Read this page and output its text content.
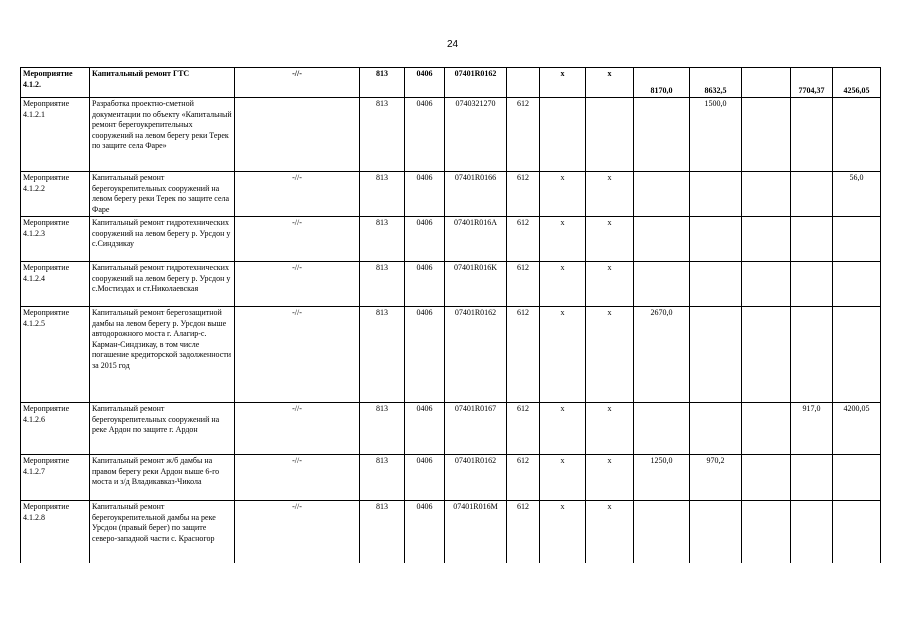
24
Мероприятие 4.1.2.	Капитальный ремонт ГТС	-//-	813	0406	07401R0162		x	x	8170,0	8632,5		7704,37	4256,05
Мероприятие 4.1.2.1	Разработка проектно-сметной документации по объекту «Капитальный ремонт берегоукрепительных сооружений на левом берегу реки Терек по защите села Фаре»		813	0406	0740321270	612				1500,0			
Мероприятие 4.1.2.2	Капитальный ремонт берегоукрепительных сооружений на левом берегу реки Терек по защите села Фаре	-//-	813	0406	07401R0166	612	x	x					56,0
Мероприятие 4.1.2.3	Капитальный ремонт гидротехнических сооружений на левом берегу р. Урсдон у с.Синдзикау	-//-	813	0406	07401R016A	612	x	x					
Мероприятие 4.1.2.4	Капитальный ремонт гидротехнических сооружений на левом берегу р. Урсдон у с.Мостиздах и ст.Николаевская	-//-	813	0406	07401R016K	612	x	x					
Мероприятие 4.1.2.5	Капитальный ремонт берегозащитной дамбы на левом берегу р. Урсдон выше автодорожного моста г. Алагир-с. Карман-Синдзикау, в том числе погашение кредиторской задолженности за 2015 год	-//-	813	0406	07401R0162	612	x	x	2670,0				
Мероприятие 4.1.2.6	Капитальный ремонт берегоукрепительных сооружений на реке Ардон по защите г. Ардон	-//-	813	0406	07401R0167	612	x	x				917,0	4200,05
Мероприятие 4.1.2.7	Капитальный ремонт ж/б дамбы на правом берегу реки Ардон выше 6-го моста и з/д Владикавказ-Чикола	-//-	813	0406	07401R0162	612	x	x	1250,0	970,2			
Мероприятие 4.1.2.8	Капитальный ремонт берегоукрепительной дамбы на реке Урсдон (правый берег) по защите северо-западной части с. Красногор	-//-	813	0406	07401R016M	612	x	x					
